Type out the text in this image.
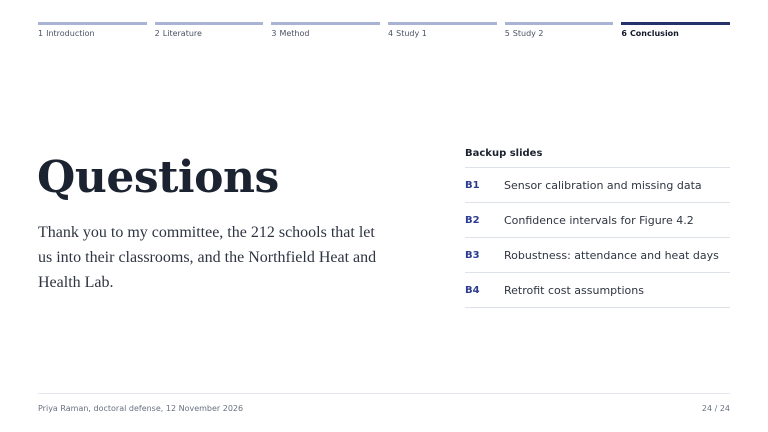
1 Introduction	2 Literature	3 Method	4 Study 1	5 Study 2	6 Conclusion
Questions

Thank you to my committee, the 212 schools that let us into their classrooms, and the Northfield Heat and Health Lab.

Backup slides
B1	Sensor calibration and missing data
B2	Confidence intervals for Figure 4.2
B3	Robustness: attendance and heat days
B4	Retrofit cost assumptions
Priya Raman, doctoral defense, 12 November 2026	24 / 24
